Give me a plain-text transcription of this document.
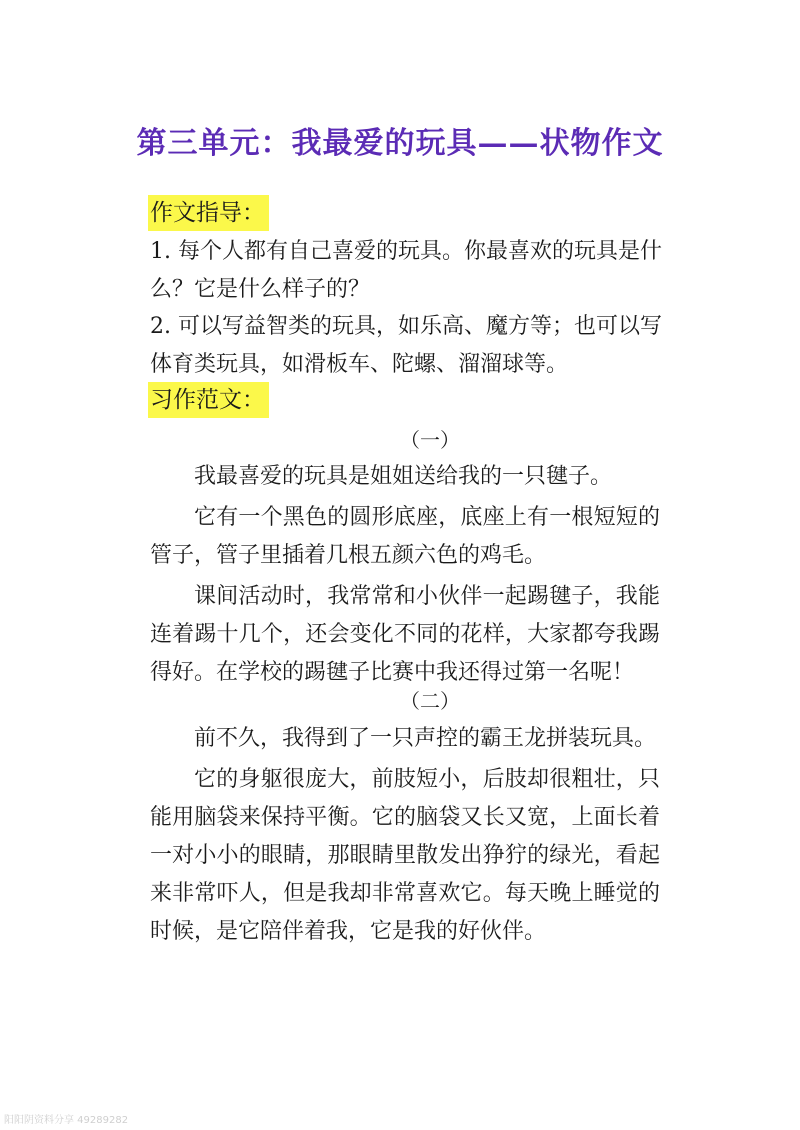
第三单元：我最爱的玩具——状物作文
作文指导：

1. 每个人都有自己喜爱的玩具。你最喜欢的玩具是什么？它是什么样子的？

2. 可以写益智类的玩具，如乐高、魔方等；也可以写体育类玩具，如滑板车、陀螺、溜溜球等。

习作范文：
（一）

我最喜爱的玩具是姐姐送给我的一只毽子。

它有一个黑色的圆形底座，底座上有一根短短的管子，管子里插着几根五颜六色的鸡毛。

课间活动时，我常常和小伙伴一起踢毽子，我能连着踢十几个，还会变化不同的花样，大家都夸我踢得好。在学校的踢毽子比赛中我还得过第一名呢！

（二）

前不久，我得到了一只声控的霸王龙拼装玩具。

它的身躯很庞大，前肢短小，后肢却很粗壮，只能用脑袋来保持平衡。它的脑袋又长又宽，上面长着一对小小的眼睛，那眼睛里散发出狰狞的绿光，看起来非常吓人，但是我却非常喜欢它。每天晚上睡觉的时候，是它陪伴着我，它是我的好伙伴。

阳阳阴资料分享 49289282
